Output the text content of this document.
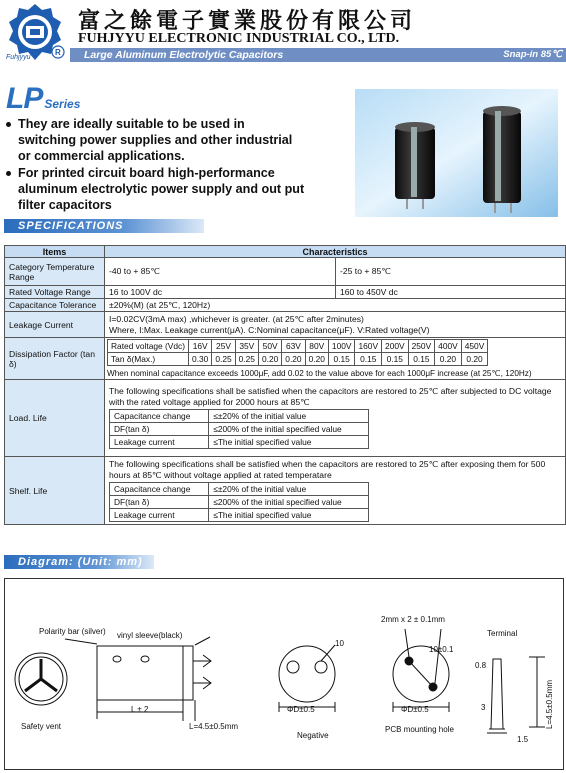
R
Fuhjyyu
富之餘電子實業股份有限公司
FUHJYYU ELECTRONIC INDUSTRIAL CO., LTD.
Large Aluminum Electrolytic Capacitors	Snap-in 85℃
LP Series
They are ideally suitable to be used in switching power supplies and other industrial or commercial applications.
For printed circuit board high-performance aluminum electrolytic power supply and out put filter capacitors
SPECIFICATIONS
Items	Characteristics
Category Temperature Range	-40 to + 85℃	-25 to + 85℃
Rated Voltage Range	16 to 100V dc	160 to 450V dc
Capacitance Tolerance	±20%(M) (at 25℃, 120Hz)
Leakage Current	
I=0.02CV(3mA max) ,whichever is greater. (at 25℃ after 2minutes)
Where, I:Max. Leakage current(μA). C:Nominal capacitance(μF). V:Rated voltage(V)

Dissipation Factor (tan δ)	
Rated voltage (Vdc)	16V	25V	35V	50V	63V	80V	100V	160V	200V	250V	400V	450V
Tan δ(Max.)	0.30	0.25	0.25	0.20	0.20	0.20	0.15	0.15	0.15	0.15	0.20	0.20
When nominal capacitance exceeds 1000μF, add 0.02 to the value above for each 1000μF increase (at 25℃, 120Hz)

Load. Life	
The following specifications shall be satisfied when the capacitors are restored to 25℃ after subjected to DC voltage with the rated voltage applied for 2000 hours at 85℃
Capacitance change	≤±20% of the initial value
DF(tan δ)	≤200% of the initial specified value
Leakage current	≤The initial specified value

Shelf. Life	
The following specifications shall be satisfied when the capacitors are restored to 25℃ after exposing them for 500 hours at 85℃ without voltage applied at rated temperatare
Capacitance change	≤±20% of the initial value
DF(tan δ)	≤200% of the initial specified value
Leakage current	≤The initial specified value
Diagram: (Unit: mm)
Polarity bar (silver) vinyl sleeve(black)
Safety vent
L ± 2
L=4.5±0.5mm
10
ΦD±0.5
Negative
2mm x 2 ± 0.1mm
10±0.1
ΦD±0.5
PCB mounting hole
Terminal
0.8
3
1.5
L=4.5±0.5mm
